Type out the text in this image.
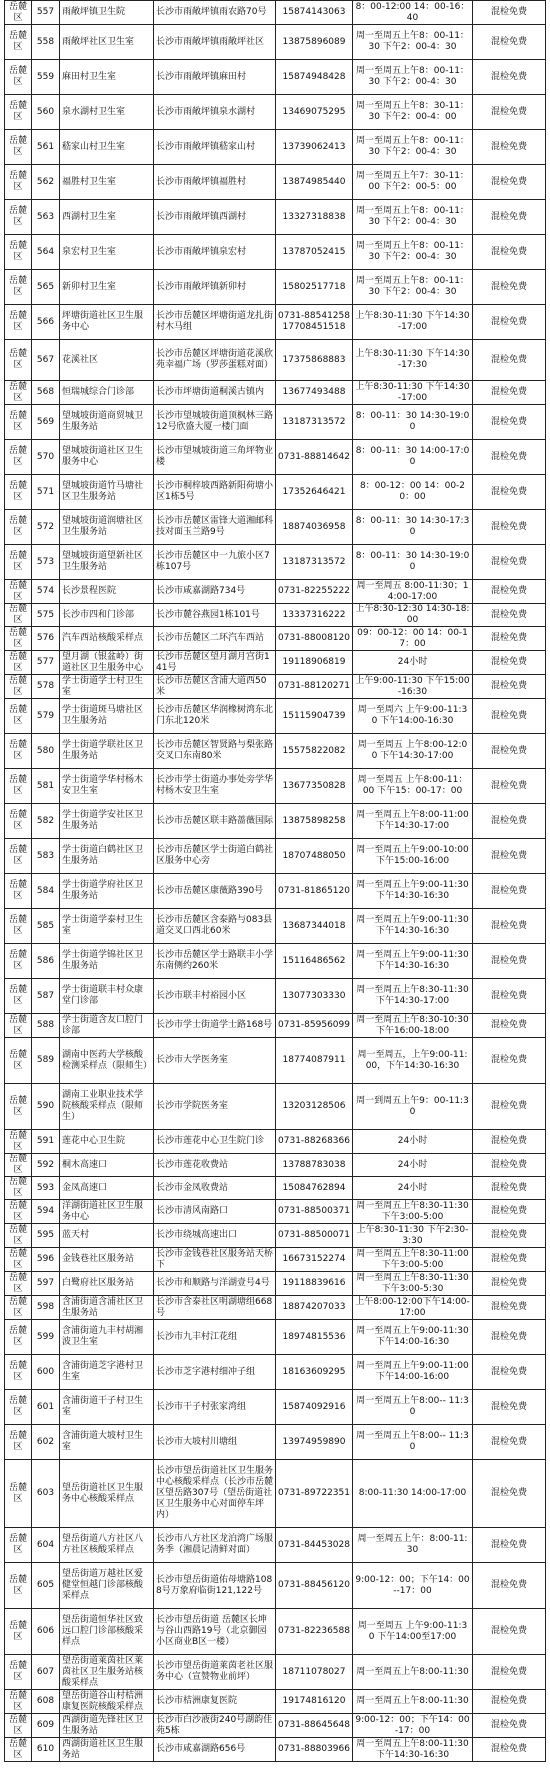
岳麓区	557	雨敞坪镇卫生院	长沙市雨敞坪镇雨农路70号	15874143063	8：00-12:00 14：00-16：40	混检免费
岳麓区	558	雨敞坪社区卫生室	长沙市雨敞坪镇雨敞坪社区	13875896089	周一至周五上午8：00-11：30 下午2：00-4：30	混检免费
岳麓区	559	麻田村卫生室	长沙市雨敞坪镇麻田村	15874948428	周一至周五上午8：00-11：30 下午2：00-4：30	混检免费
岳麓区	560	泉水湖村卫生室	长沙市雨敞坪镇泉水湖村	13469075295	周一至周五上午8：30-11：30 下午2：00-4：00	混检免费
岳麓区	561	嵇家山村卫生室	长沙市雨敞坪镇嵇家山村	13739062413	周一至周五上午8：00-11：30 下午2：00-4：30	混检免费
岳麓区	562	福胜村卫生室	长沙市雨敞坪镇福胜村	13874985440	周一至周五上午7：30-11：00 下午2：00-5：00	混检免费
岳麓区	563	西湖村卫生室	长沙市雨敞坪镇西湖村	13327318838	周一至周五上午8：00-11：30 下午2：00-4：30	混检免费
岳麓区	564	泉宏村卫生室	长沙市雨敞坪镇泉宏村	13787052415	周一至周五上午8：00-11：30 下午2：00-4：30	混检免费
岳麓区	565	新卯村卫生室	长沙市雨敞坪镇新卯村	15802517718	周一至周五上午8：00-11：30 下午2：00-4：30	混检免费
岳麓区	566	坪塘街道社区卫生服务中心	长沙市岳麓区坪塘街道龙扎街村木马组	0731-88541258 17708451518	上午8:30-11:30 下午14:30-17:00	混检免费
岳麓区	567	花溪社区	长沙市岳麓区坪塘街道花溪欣苑幸福广场（罗莎蛋糕对面）	17375868883	上午8:30-11:30 下午14:30-17:30	混检免费
岳麓区	568	恒瑞城综合门诊部	长沙市坪塘街道桐溪古镇内	13677493488	上午8:30-11:30 下午14:30-17:00	混检免费
岳麓区	569	望城坡街道商贸城卫生服务站	长沙市望城坡街道顶枫林三路12号欣盛大厦一楼门面	13187313572	8：00-11：30 14:30-19:00	混检免费
岳麓区	570	望城坡街道社区卫生服务中心	长沙市望城坡街道三角坪物业楼	0731-88814642	8：00-11：30 14:00-17:00	混检免费
岳麓区	571	望城坡街道竹马塘社区卫生服务站	长沙市桐梓坡西路新阳荷塘小区1栋5号	17352646421	8：00-12：00 14：00-20：00	混检免费
岳麓区	572	望城坡街道润塘社区卫生服务站	长沙市岳麓区雷锋大道湘邮科技对面玉兰路9号	18874036958	8：00-11：30 14:30-17:30	混检免费
岳麓区	573	望城坡街道望新社区卫生服务站	长沙市岳麓区中一九旅小区7栋107号	13187313572	8：00-11：30 14:30-19:00	混检免费
岳麓区	574	长沙景程医院	长沙市咸嘉湖路734号	0731-82255222	周一至周五 8:00-11:30；14:00-17:00	混检免费
岳麓区	575	长沙市四和门诊部	长沙市麓谷燕园1栋101号	13337316222	上午8:30-12:30 14:30-18:00	混检免费
岳麓区	576	汽车西站核酸采样点	长沙市岳麓区二环汽车西站	0731-88008120	09：00-12：00 14：00-17：00	混检免费
岳麓区	577	望月湖（银盆岭）街道社区卫生服务中心	长沙市岳麓区望月湖月宫街141号	19118906819	24小时	混检免费
岳麓区	578	学士街道学士村卫生室	长沙市岳麓区含浦大道西50米	0731-88120271	上午9:00-11:30 下午15:00-16:30	混检免费
岳麓区	579	学士街道斑马塘社区卫生服务站	长沙市岳麓区华润橡树湾东北门东北120米	15115904739	周一至周六 上午9:00-11:30 下午14:00-16:30	混检免费
岳麓区	580	学士街道学联社区卫生服务站	长沙市岳麓区智贤路与梨张路交叉口东南80米	15575822082	周一至周五 上午8:00-12:00 下午14:30-17:00	混检免费
岳麓区	581	学士街道学华村杨木安卫生室	长沙市学士街道办事处旁学华村杨木安卫生室	13677350828	周一至周五 上午8:00-11：00 下午15：00-17：00	混检免费
岳麓区	582	学士街道学安社区卫生服务站	长沙市岳麓区联丰路蔷薇国际	13875898258	周一至周五上午8:00-11:00 下午14:30-17:00	混检免费
岳麓区	583	学士街道白鹤社区卫生服务站	长沙市岳麓区学士街道白鹤社区服务中心旁	18707488050	周一至周五上午9:00-10:00 下午15:00-16:00	混检免费
岳麓区	584	学士街道学府社区卫生服务站	长沙市岳麓区康薇路390号	0731-81865120	周一至周五上午9:00-11:30 下午14:30-16:30	混检免费
岳麓区	585	学士街道学泰村卫生室	长沙市岳麓区含泰路与083县道交叉口西北60米	13687344018	周一至周五上午9:00-11:30 下午14:30-16:30	混检免费
岳麓区	586	学士街道学锦社区卫生服务站	长沙市岳麓区学士路联丰小学东南侧约260米	15116486562	周一至周五上午9:00-11:30 下午14:30-16:30	混检免费
岳麓区	587	学士街道联丰村众康堂门诊部	长沙市联丰村裕园小区	13077303330	周一至周五上午8:30-11:30 下午14:30-17:00	混检免费
岳麓区	588	学士街道含友口腔门诊部	长沙市学士街道学士路168号	0731-85956099	周一至周五上午8:30-10:30 下午16:00-18:00	混检免费
岳麓区	589	湖南中医药大学核酸检测采样点（限师生）	长沙市大学医务室	18774087911	周一至周五，上午9:00-11:00，下午14:30-16:30	混检免费
岳麓区	590	湖南工业职业技术学院核酸采样点（限师生）	长沙市学院医务室	13203128506	周一到周五上午9：00-11:30	混检免费
岳麓区	591	莲花中心卫生院	长沙市莲花中心卫生院门诊	0731-88268366	24小时	混检免费
岳麓区	592	桐木高速口	长沙市莲花收费站	13788783038	24小时	混检免费
岳麓区	593	金凤高速口	长沙市金凤收费站	15084762894	24小时	混检免费
岳麓区	594	洋湖街道社区卫生服务中心	长沙市清风南路口	0731-88500371	周一至周五上午8:30-11:30 下午3:00-5:00	混检免费
岳麓区	595	蓝天村	长沙市绕城高速出口	0731-88500071	上午8:30-11:30 下午2:30-3:30	混检免费
岳麓区	596	金钱巷社区服务站	长沙市金钱巷社区服务站天桥下	16673152274	周一至周五上午8:30-11:00 下午3:00-5:00	混检免费
岳麓区	597	白鹭府社区服务站	长沙市和顺路与洋湖壹号4号	19118839616	周一至周五上午8:30-11:30 下午3:00-5:30	混检免费
岳麓区	598	含浦街道含浦社区卫生服务站	长沙市含泰社区明湖塘组668号	18874207033	上午8:00-12:00下午14:00-17:00	混检免费
岳麓区	599	含浦街道九丰村胡湘波卫生室	长沙市九丰村江花组	18974815536	周一至周五上午9:00-11:30 下午14:00-16:30	混检免费
岳麓区	600	含浦街道芝字港村卫生室	长沙市芝字港村细冲子组	18163609295	周一至周五上午9:00-11:00 下午14:00-16:00	混检免费
岳麓区	601	含浦街道干子村卫生室	长沙市干子村张家湾组	15874092916	周一至周五上午8:00-- 11:30	混检免费
岳麓区	602	含浦街道大坡村卫生室	长沙市大坡村川塘组	13974959890	周一至周五上午8:00-- 11:30	混检免费
岳麓区	603	望岳街道社区卫生服务中心核酸采样点	长沙市望岳街道社区卫生服务中心核酸采样点（长沙市岳麓区望岳路307号（望岳街道社区卫生服务中心对面停车坪内）	0731-89722351	8:00-11:30 14:00-17:00	混检免费
岳麓区	604	望岳街道八方社区八方社区核酸采样点	长沙市八方社区龙泊湾广场服务季（湘晨记清鲜对面）	0731-84453028	周一至周五上午：8:00-11:30	混检免费
岳麓区	605	望岳街道万越社区爱健堂恒越门诊部核酸采样点	长沙市望岳街道佑母塘路1088号万象府临街121,122号	0731-88456120	9:00-12：00；下午14：00--17：00	混检免费
岳麓区	606	望岳街道恒华社区致远口腔门诊部核酸采样点	长沙市望岳街道 岳麓区长坤与谷山西路19号（北京御园小区商业B区一楼）	0731-82236588	周一至周五 上午9:00-11:30 下午14:00至17:00	混检免费
岳麓区	607	望岳街道莱茵社区莱茵社区卫生服务站核酸采样点	长沙市望岳街道莱茵老社区服务中心（宣赞物业前坪）	18711078027	周一至周五上午8:00-11:30	混检免费
岳麓区	608	望岳街道谷山村桔洲康复医院核酸采样点	长沙市桔洲康复医院	19174816120	周一至周五上午8:00-11:30	混检免费
岳麓区	609	西湖街道先锋社区卫生服务站	长沙市白沙液街240号湖韵佳苑5栋	0731-88645648	9:00-12：00；下午14：00-17：00	混检免费
岳麓区	610	西湖街道社区卫生服务站	长沙市咸嘉湖路656号	0731-88803966	周一至周五上午8:00-11:30 下午14:30-16:30	混检免费
